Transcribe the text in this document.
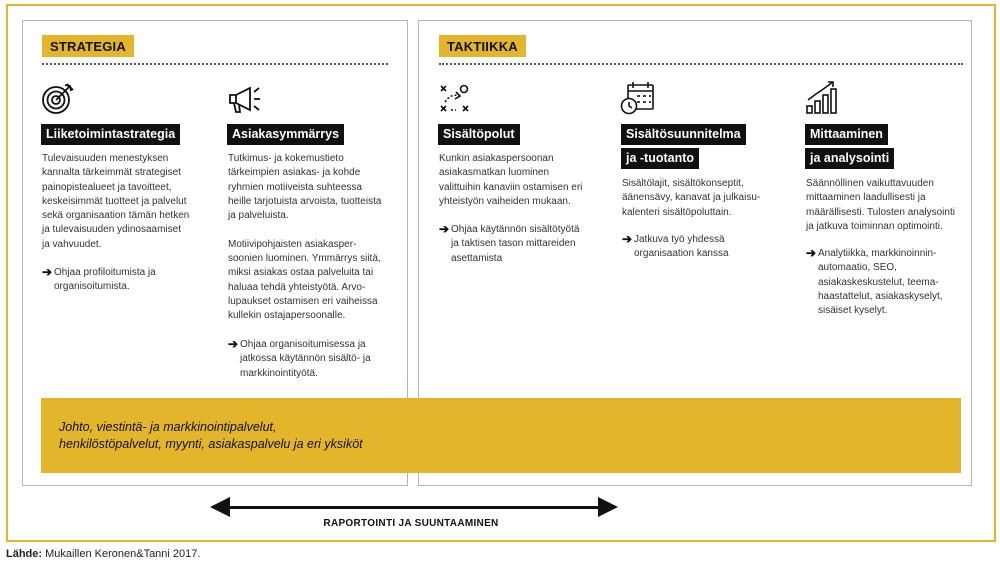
STRATEGIA	TAKTIIKKA
Liiketoimintastrategia
Tulevaisuuden menestyksen
kannalta tärkeimmät strategiset
painopistealueet ja tavoitteet,
keskeisimmät tuotteet ja palvelut
sekä organisaation tämän hetken
ja tulevaisuuden ydinosaamiset
ja vahvuudet.
➔ Ohjaa profiloitumista ja
organisoitumista.
Asiakasymmärrys
Tutkimus- ja kokemustieto
tärkeimpien asiakas- ja kohde
ryhmien motiiveista suhteessa
heille tarjotuista arvoista, tuotteista
ja palveluista.

Motiivipohjaisten asiakasper-
soonien luominen. Ymmärrys siitä,
miksi asiakas ostaa palveluita tai
haluaa tehdä yhteistyötä. Arvo-
lupaukset ostamisen eri vaiheissa
kullekin ostajapersoonalle.
➔ Ohjaa organisoitumisessa ja
jatkossa käytännön sisältö- ja
markkinointityötä.
Sisältöpolut
Kunkin asiakaspersoonan
asiakasmatkan luominen
valittuihin kanaviin ostamisen eri
yhteistyön vaiheiden mukaan.
➔ Ohjaa käytännön sisältötyötä
ja taktisen tason mittareiden
asettamista
Sisältösuunnitelma
ja -tuotanto
Sisältölajit, sisältökonseptit,
äänensävy, kanavat ja julkaisu-
kalenteri sisältöpoluttain.
➔ Jatkuva työ yhdessä
organisaation kanssa
Mittaaminen
ja analysointi
Säännöllinen vaikuttavuuden
mittaaminen laadullisesti ja
määrällisesti. Tulosten analysointi
ja jatkuva toiminnan optimointi.
➔ Analytiikka, markkinoinnin-
automaatio, SEO,
asiakaskeskustelut, teema-
haastattelut, asiakaskyselyt,
sisäiset kyselyt.
Johto, viestintä- ja markkinointipalvelut,
henkilöstöpalvelut, myynti, asiakaspalvelu ja eri yksiköt
RAPORTOINTI JA SUUNTAAMINEN
Lähde: Mukaillen Keronen&Tanni 2017.
